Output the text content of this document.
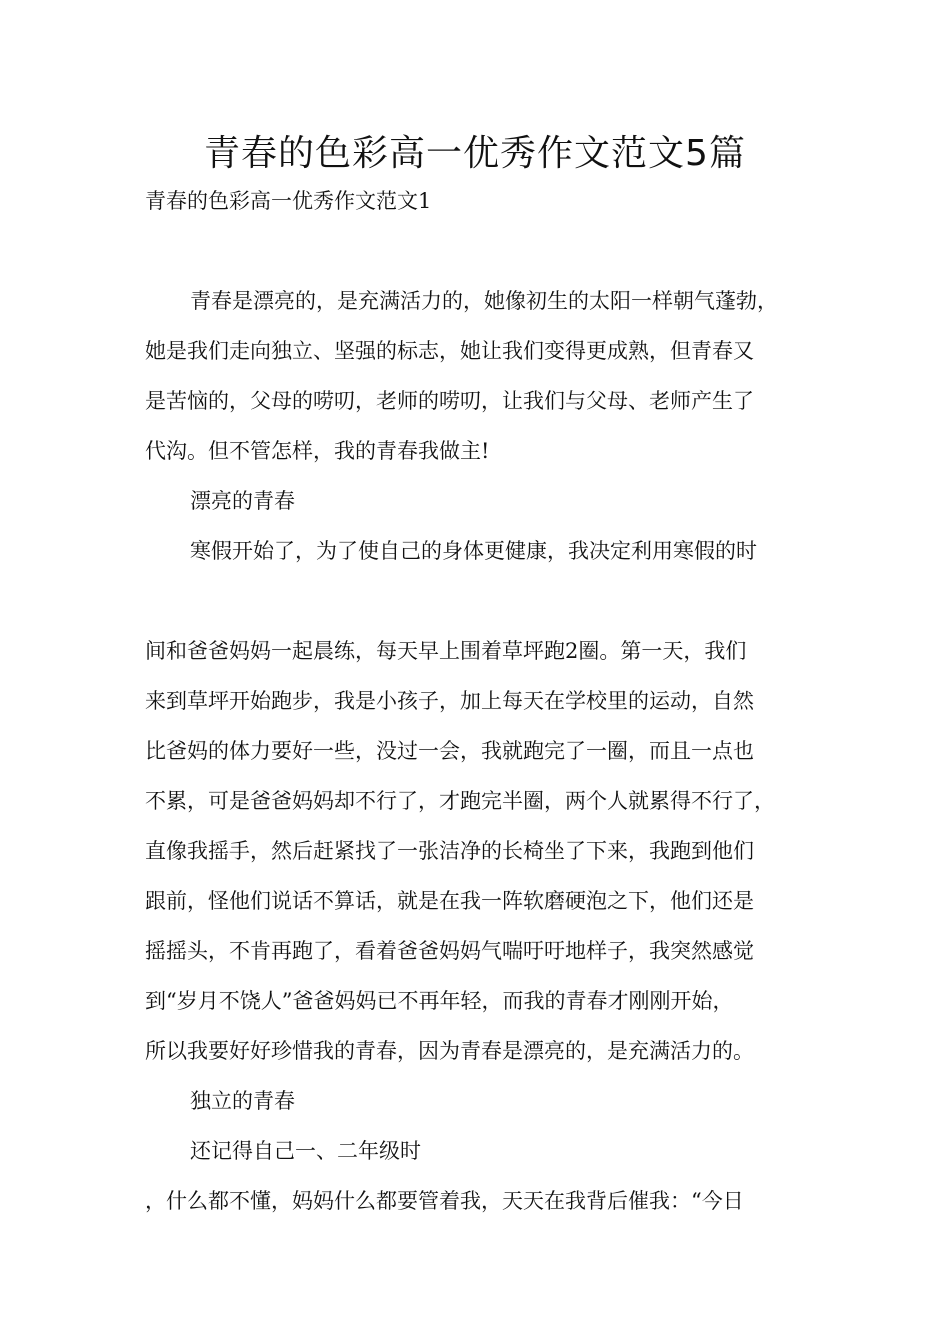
青春的色彩高一优秀作文范文5篇
青春的色彩高一优秀作文范文1
青春是漂亮的，是充满活力的，她像初生的太阳一样朝气蓬勃，
她是我们走向独立、坚强的标志，她让我们变得更成熟，但青春又
是苦恼的，父母的唠叨，老师的唠叨，让我们与父母、老师产生了
代沟。但不管怎样，我的青春我做主!
漂亮的青春
寒假开始了，为了使自己的身体更健康，我决定利用寒假的时
间和爸爸妈妈一起晨练，每天早上围着草坪跑2圈。第一天，我们
来到草坪开始跑步，我是小孩子，加上每天在学校里的运动，自然
比爸妈的体力要好一些，没过一会，我就跑完了一圈，而且一点也
不累，可是爸爸妈妈却不行了，才跑完半圈，两个人就累得不行了，
直像我摇手，然后赶紧找了一张洁净的长椅坐了下来，我跑到他们
跟前，怪他们说话不算话，就是在我一阵软磨硬泡之下，他们还是
摇摇头，不肯再跑了，看着爸爸妈妈气喘吁吁地样子，我突然感觉
到“岁月不饶人”爸爸妈妈已不再年轻，而我的青春才刚刚开始，
所以我要好好珍惜我的青春，因为青春是漂亮的，是充满活力的。
独立的青春
还记得自己一、二年级时
，什么都不懂，妈妈什么都要管着我，天天在我背后催我：“今日
